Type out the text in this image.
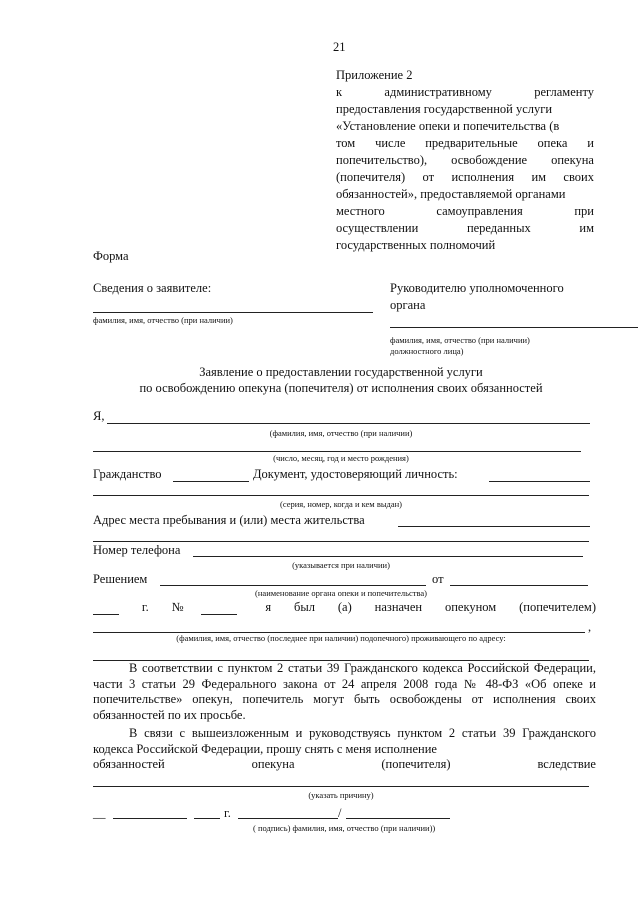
21
Приложение 2
к	административному	регламенту
предоставления государственной услуги
«Установление опеки и попечительства (в
том числе предварительные опека и
попечительство), освобождение опекуна
(попечителя) от исполнения им своих
обязанностей», предоставляемой органами
местного	самоуправления	при
осуществлении	переданных	им
государственных полномочий
Форма
Сведения о заявителе:
фамилия, имя, отчество (при наличии)
Руководителю уполномоченного
органа
фамилия, имя, отчество (при наличии)
должностного лица)
Заявление о предоставлении государственной услуги
по освобождению опекуна (попечителя) от исполнения своих обязанностей
Я,
(фамилия, имя, отчество (при наличии)
(число, месяц, год и место рождения)
Гражданство	Документ, удостоверяющий личность:
(серия, номер, когда и кем выдан)
Адрес места пребывания и (или) места жительства
Номер телефона
(указывается при наличии)
Решением	от
(наименование органа опеки и попечительства)
г. №	я был (а) назначен опекуном (попечителем)
,
(фамилия, имя, отчество (последнее при наличии) подопечного) проживающего по адресу:
В соответствии с пунктом 2 статьи 39 Гражданского кодекса Российской Федерации, части 3 статьи 29 Федерального закона от 24 апреля 2008 года № 48-ФЗ «Об опеке и попечительстве» опекун, попечитель могут быть освобождены от исполнения своих обязанностей по их просьбе.
В связи с вышеизложенным и руководствуясь пунктом 2 статьи 39 Гражданского кодекса Российской Федерации, прошу снять с меня исполнение
обязанностей	опекуна	(попечителя)	вследствие
(указать причину)
__	г.	/
( подпись) фамилия, имя, отчество (при наличии))
